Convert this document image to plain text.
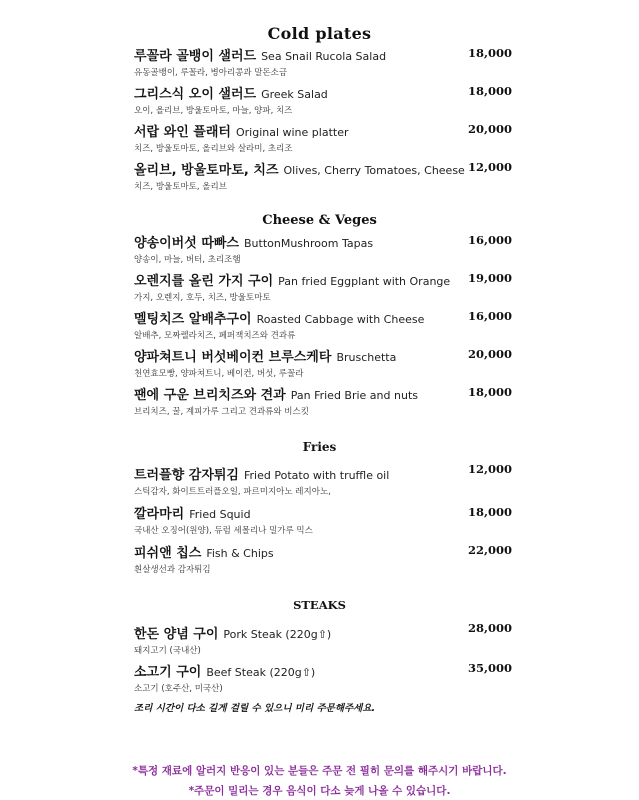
Cold plates
루꼴라 골뱅이 샐러드 Sea Snail Rucola Salad
유동골뱅이, 루꼴라, 병아리콩과 말돈소금
18,000
그리스식 오이 샐러드 Greek Salad
오이, 올리브, 방울토마토, 마늘, 양파, 치즈
18,000
서랍 와인 플래터 Original wine platter
치즈, 방울토마토, 올리브와 살라미, 초리조
20,000
올리브, 방울토마토, 치즈 Olives, Cherry Tomatoes, Cheese
치즈, 방울토마토, 올리브
12,000
Cheese & Veges
양송이버섯 따빠스 ButtonMushroom Tapas
양송이, 마늘, 버터, 초리조햄
16,000
오렌지를 올린 가지 구이 Pan fried Eggplant with Orange
가지, 오렌지, 호두, 치즈, 방울토마토
19,000
멜팅치즈 알배추구이 Roasted Cabbage with Cheese
알배추, 모짜렐라치즈, 페퍼잭치즈와 견과류
16,000
양파쳐트니 버섯베이컨 브루스케타 Bruschetta
천연효모빵, 양파쳐트니, 베이컨, 버섯, 루꼴라
20,000
팬에 구운 브리치즈와 견과 Pan Fried Brie and nuts
브리치즈, 꿀, 계피가루 그리고 견과류와 비스킷
18,000
Fries
트러플향 감자튀김 Fried Potato with truffle oil
스틱감자, 화이트트러플오일, 파르미지아노 레지아노,
12,000
깔라마리 Fried Squid
국내산 오징어(원양), 듀럼 세몰리나 밀가루 믹스
18,000
피쉬앤 칩스 Fish & Chips
흰살생선과 감자튀김
22,000
STEAKS
한돈 양념 구이 Pork Steak (220g⇧)
돼지고기 (국내산)
28,000
소고기 구이 Beef Steak (220g⇧)
소고기 (호주산, 미국산)
35,000
조리 시간이 다소 길게 걸릴 수 있으니 미리 주문해주세요.
*특정 재료에 알러지 반응이 있는 분들은 주문 전 필히 문의를 해주시기 바랍니다.
*주문이 밀리는 경우 음식이 다소 늦게 나올 수 있습니다.
